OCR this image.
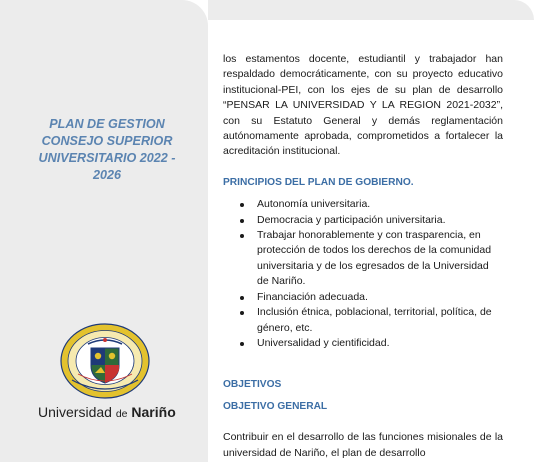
PLAN DE GESTION
CONSEJO SUPERIOR
UNIVERSITARIO 2022 -
2026
Universidad de Nariño

los estamentos docente, estudiantil y trabajador han respaldado democráticamente, con su proyecto educativo institucional-PEI, con los ejes de su plan de desarrollo “PENSAR LA UNIVERSIDAD Y LA REGION 2021-2032”, con su Estatuto General y demás reglamentación autónomamente aprobada, comprometidos a fortalecer la acreditación institucional.

PRINCIPIOS DEL PLAN DE GOBIERNO.

Autonomía universitaria.
Democracia y participación universitaria.
Trabajar honorablemente y con trasparencia, en protección de todos los derechos de la comunidad universitaria y de los egresados de la Universidad de Nariño.
Financiación adecuada.
Inclusión étnica, poblacional, territorial, política, de género, etc.
Universalidad y cientificidad.

OBJETIVOS

OBJETIVO GENERAL

Contribuir en el desarrollo de las funciones misionales de la universidad de Nariño, el plan de desarrollo
